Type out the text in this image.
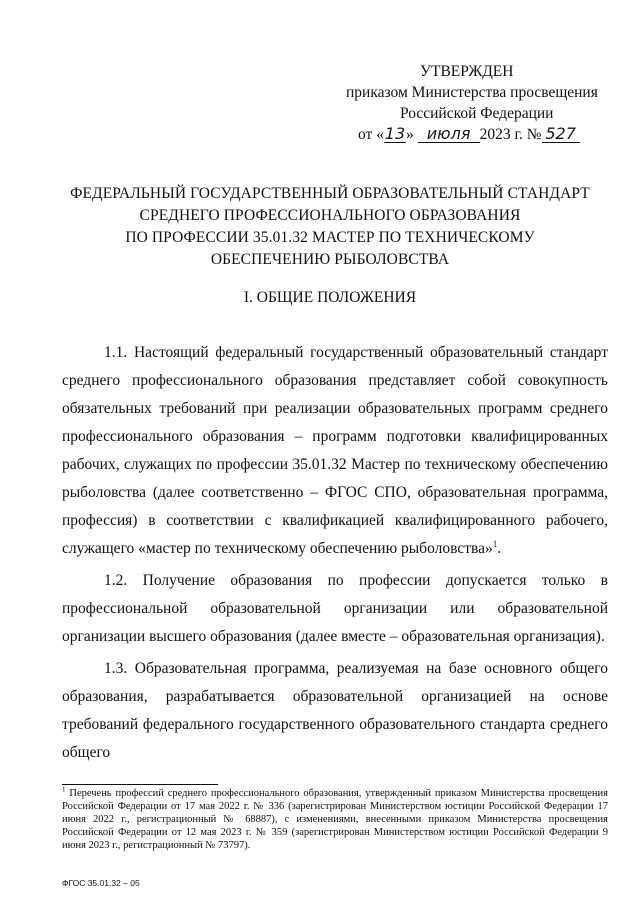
УТВЕРЖДЕН
приказом Министерства просвещения
Российской Федерации
от «13» июля 2023 г. № 527
ФЕДЕРАЛЬНЫЙ ГОСУДАРСТВЕННЫЙ ОБРАЗОВАТЕЛЬНЫЙ СТАНДАРТ
СРЕДНЕГО ПРОФЕССИОНАЛЬНОГО ОБРАЗОВАНИЯ
ПО ПРОФЕССИИ 35.01.32 МАСТЕР ПО ТЕХНИЧЕСКОМУ
ОБЕСПЕЧЕНИЮ РЫБОЛОВСТВА
I. ОБЩИЕ ПОЛОЖЕНИЯ

1.1. Настоящий федеральный государственный образовательный стандарт среднего профессионального образования представляет собой совокупность обязательных требований при реализации образовательных программ среднего профессионального образования – программ подготовки квалифицированных рабочих, служащих по профессии 35.01.32 Мастер по техническому обеспечению рыболовства (далее соответственно – ФГОС СПО, образовательная программа, профессия) в соответствии с квалификацией квалифицированного рабочего, служащего «мастер по техническому обеспечению рыболовства»$^1$.

1.2. Получение образования по профессии допускается только в профессиональной образовательной организации или образовательной организации высшего образования (далее вместе – образовательная организация).

1.3. Образовательная программа, реализуемая на базе основного общего образования, разрабатывается образовательной организацией на основе требований федерального государственного образовательного стандарта среднего общего

$^1$ Перечень профессий среднего профессионального образования, утвержденный приказом Министерства просвещения Российской Федерации от 17 мая 2022 г. № 336 (зарегистрирован Министерством юстиции Российской Федерации 17 июня 2022 г., регистрационный № 68887), с изменениями, внесенными приказом Министерства просвещения Российской Федерации от 12 мая 2023 г. № 359 (зарегистрирован Министерством юстиции Российской Федерации 9 июня 2023 г., регистрационный № 73797).
ФГОС 35.01.32 – 05
